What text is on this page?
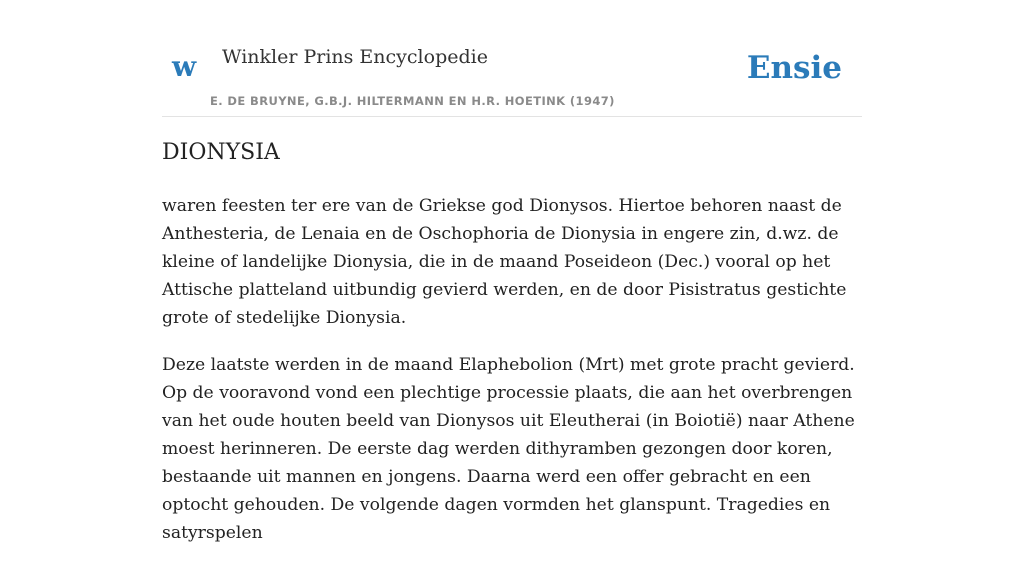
w Winkler Prins Encyclopedie
E. DE BRUYNE, G.B.J. HILTERMANN EN H.R. HOETINK (1947)
Ensie
DIONYSIA

waren feesten ter ere van de Griekse god Dionysos. Hiertoe behoren naast de Anthesteria, de Lenaia en de Oschophoria de Dionysia in engere zin, d.wz. de kleine of landelijke Dionysia, die in de maand Poseideon (Dec.) vooral op het Attische platteland uitbundig gevierd werden, en de door Pisistratus gestichte grote of stedelijke Dionysia.

Deze laatste werden in de maand Elaphebolion (Mrt) met grote pracht gevierd. Op de vooravond vond een plechtige processie plaats, die aan het overbrengen van het oude houten beeld van Dionysos uit Eleutherai (in Boiotië) naar Athene moest herinneren. De eerste dag werden dithyramben gezongen door koren, bestaande uit mannen en jongens. Daarna werd een offer gebracht en een optocht gehouden. De volgende dagen vormden het glanspunt. Tragedies en satyrspelen
